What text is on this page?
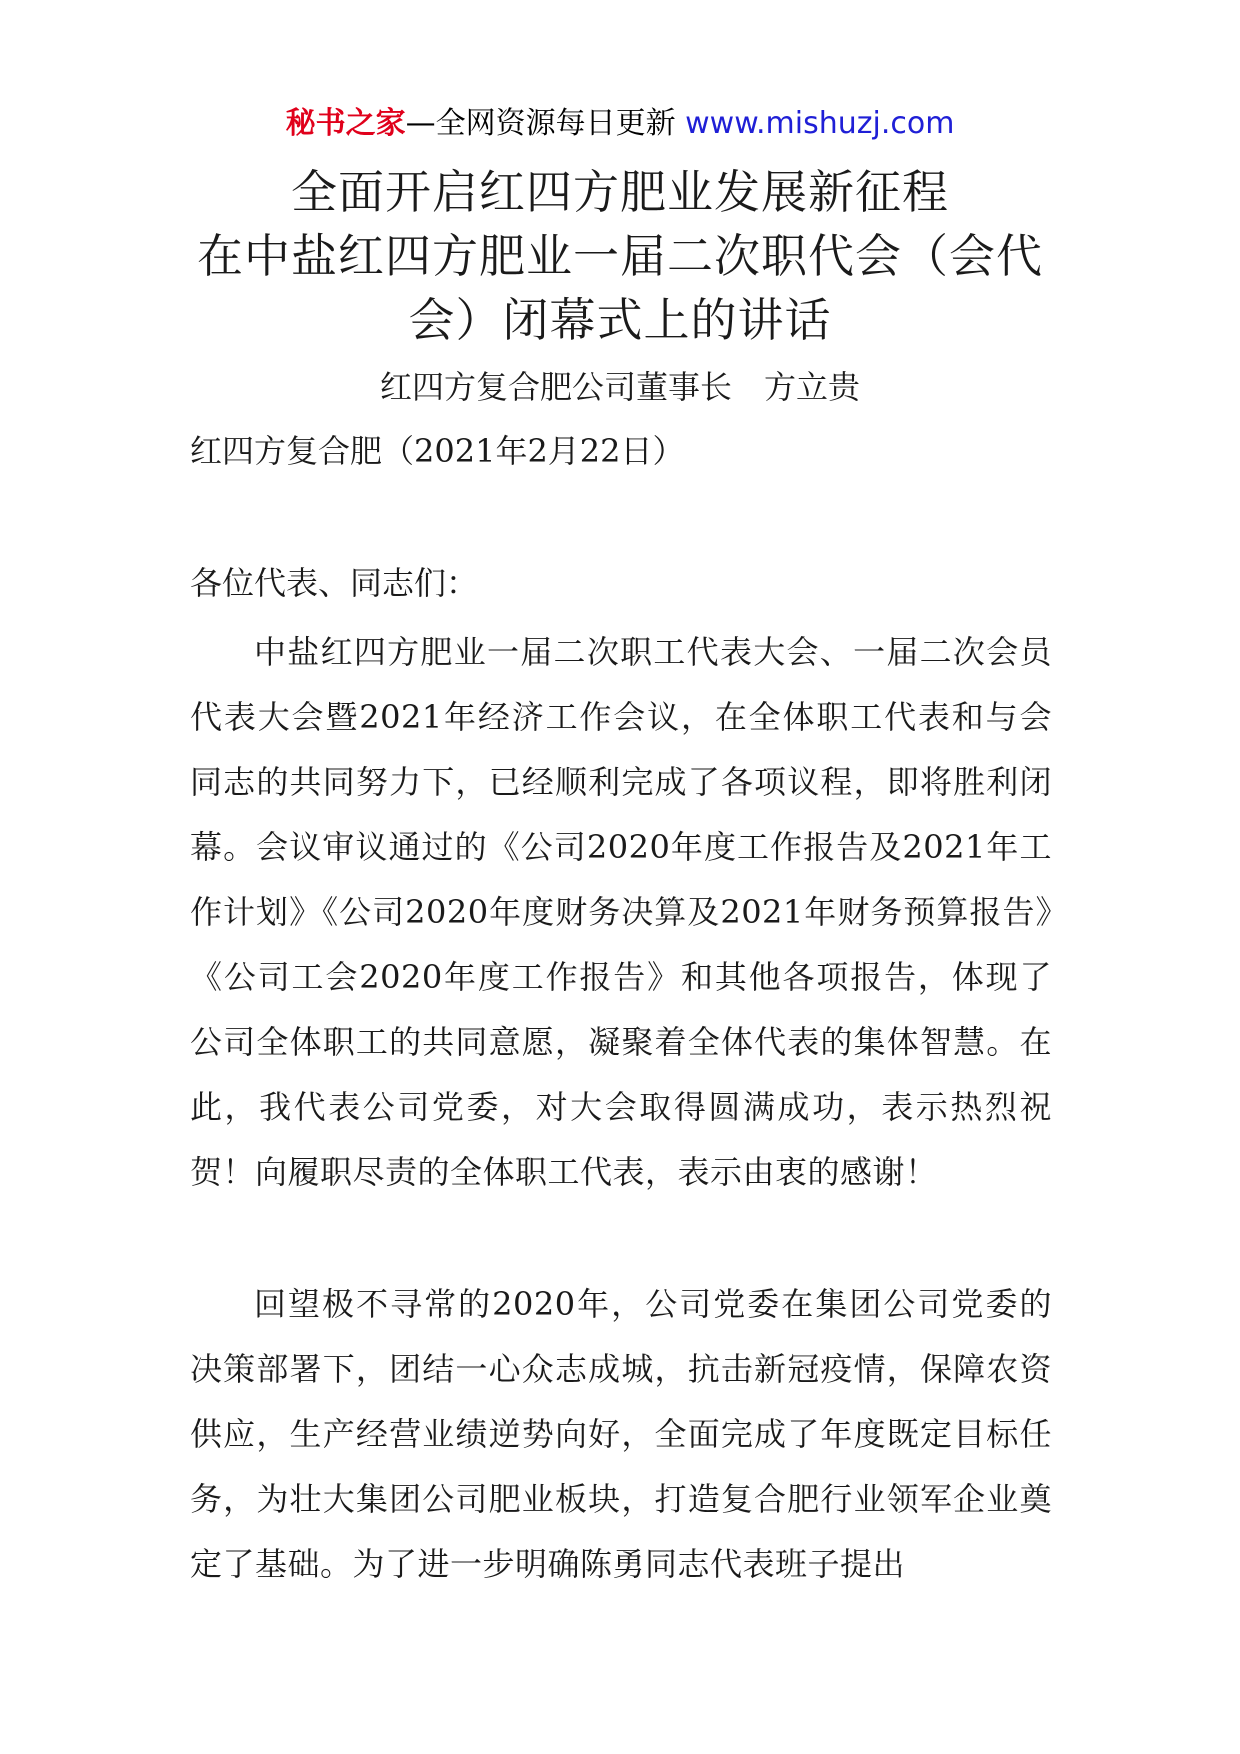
秘书之家—全网资源每日更新 www.mishuzj.com
全面开启红四方肥业发展新征程
在中盐红四方肥业一届二次职代会（会代
会）闭幕式上的讲话
红四方复合肥公司董事长　方立贵
红四方复合肥（2021年2月22日）
各位代表、同志们：

中盐红四方肥业一届二次职工代表大会、一届二次会员代表大会暨2021年经济工作会议，在全体职工代表和与会同志的共同努力下，已经顺利完成了各项议程，即将胜利闭幕。会议审议通过的《公司2020年度工作报告及2021年工作计划》《公司2020年度财务决算及2021年财务预算报告》《公司工会2020年度工作报告》和其他各项报告，体现了公司全体职工的共同意愿，凝聚着全体代表的集体智慧。在此，我代表公司党委，对大会取得圆满成功，表示热烈祝贺！向履职尽责的全体职工代表，表示由衷的感谢！

回望极不寻常的2020年，公司党委在集团公司党委的决策部署下，团结一心众志成城，抗击新冠疫情，保障农资供应，生产经营业绩逆势向好，全面完成了年度既定目标任务，为壮大集团公司肥业板块，打造复合肥行业领军企业奠定了基础。为了进一步明确陈勇同志代表班子提出
